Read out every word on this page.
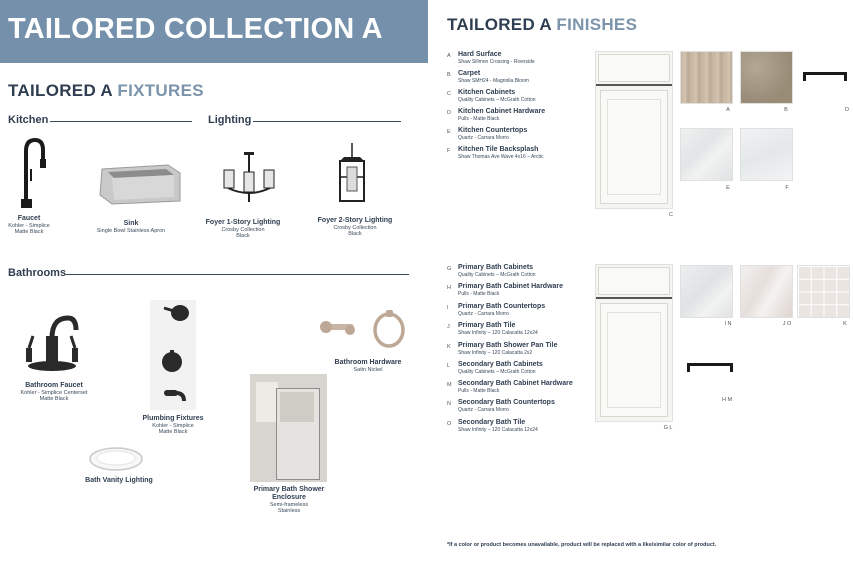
TAILORED COLLECTION A
TAILORED A FIXTURES
Kitchen	Lighting
Faucet
Kohler - Simplice
Matte Black
Sink
Single Bowl Stainless Apron
Foyer 1-Story Lighting
Crosby Collection
Black
Foyer 2-Story Lighting
Crosby Collection
Black
Bathrooms
Bathroom Faucet
Kohler - Simplice Centerset
Matte Black
Plumbing Fixtures
Kohler - Simplice
Matte Black
Bath Vanity Lighting
Bathroom Hardware
Satin Nickel
Primary Bath Shower
Enclosure
Semi-frameless
Stainless
TAILORED A FINISHES
A Hard Surface
Shaw Sillmon Crossing - Riverside
B Carpet
Shaw SMH24 - Magnolia Bloom
C Kitchen Cabinets
Quality Cabinets – McGrath Cotton
D Kitchen Cabinet Hardware
Pulls - Matte Black
E Kitchen Countertops
Quartz - Carrara Morro
F Kitchen Tile Backsplash
Shaw Thomas Ave Wave 4x16 – Arctic
C
A	B	D
E	F
G Primary Bath Cabinets
Quality Cabinets – McGrath Cotton
H Primary Bath Cabinet Hardware
Pulls - Matte Black
I Primary Bath Countertops
Quartz - Carrara Morro
J Primary Bath Tile
Shaw Infinity – 120 Calacatta 12x24
K Primary Bath Shower Pan Tile
Shaw Infinity – 120 Calacatta 2x2
L Secondary Bath Cabinets
Quality Cabinets – McGrath Cotton
M Secondary Bath Cabinet Hardware
Pulls - Matte Black
N Secondary Bath Countertops
Quartz - Carrara Morro
O Secondary Bath Tile
Shaw Infinity – 120 Calacatta 12x24	G L
I N	J O	K
H M
*If a color or product becomes unavailable, product will be replaced with a like/similar color of product.
